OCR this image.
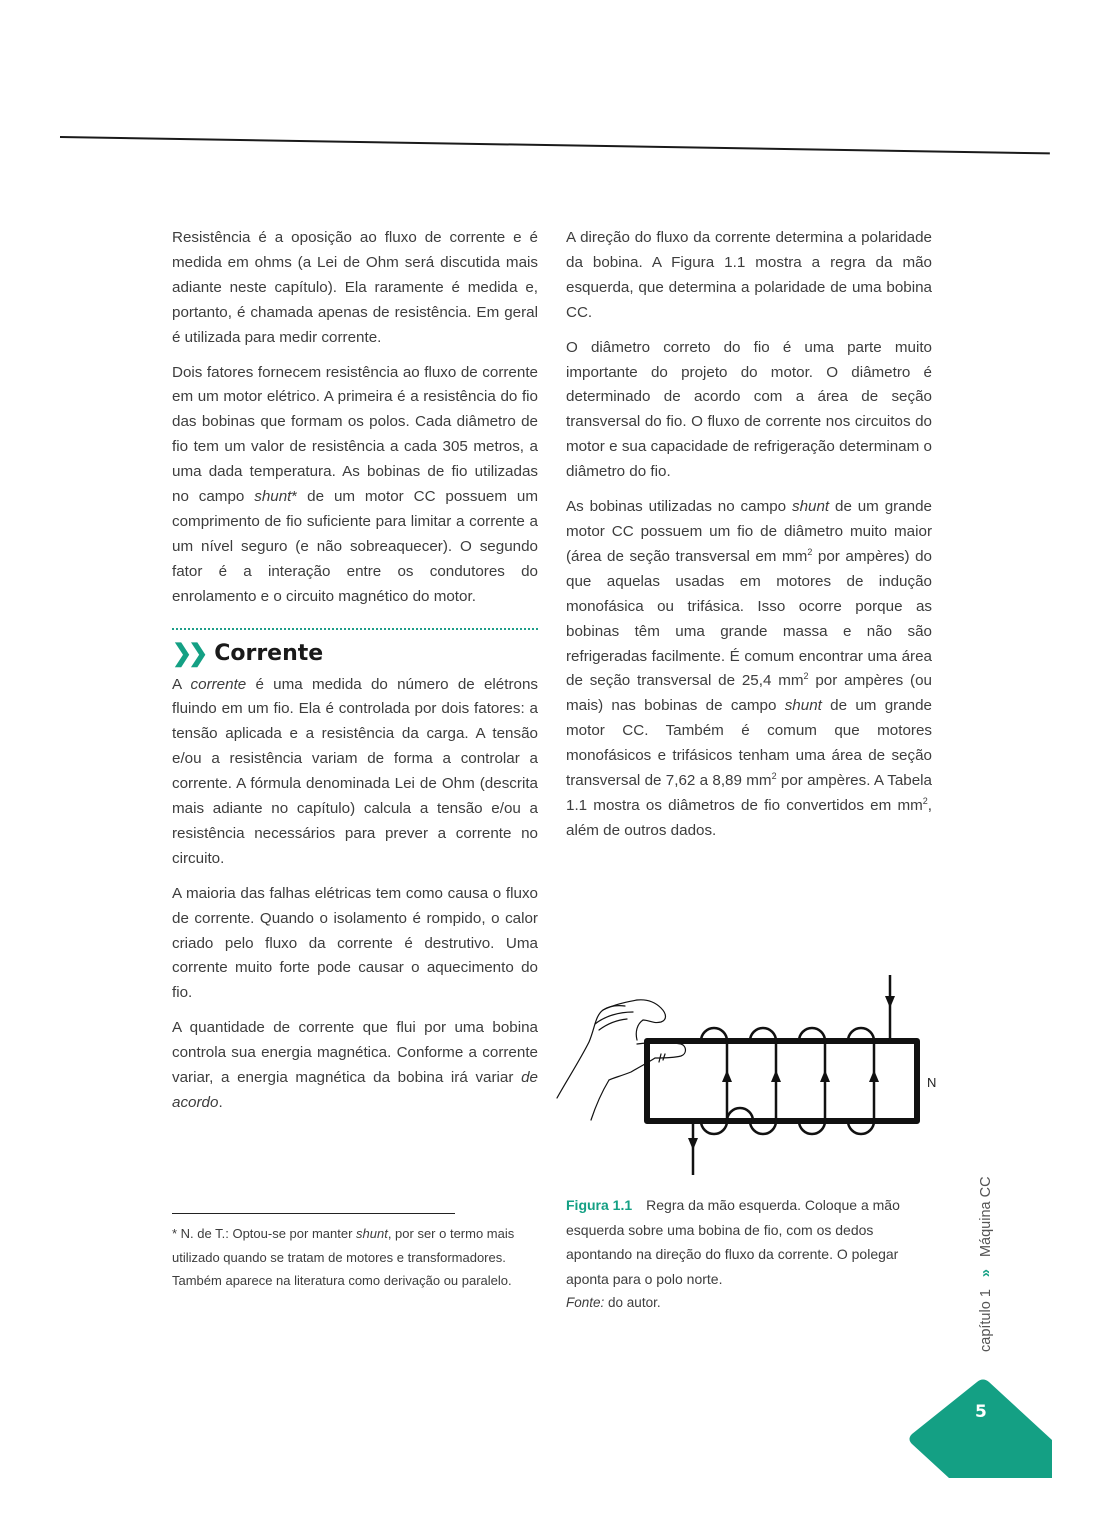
Resistência é a oposição ao fluxo de corrente e é medida em ohms (a Lei de Ohm será discutida mais adiante neste capítulo). Ela raramente é medida e, portanto, é chamada apenas de resistência. Em geral é utilizada para medir corrente.

Dois fatores fornecem resistência ao fluxo de corrente em um motor elétrico. A primeira é a resistência do fio das bobinas que formam os polos. Cada diâmetro de fio tem um valor de resistência a cada 305 metros, a uma dada temperatura. As bobinas de fio utilizadas no campo shunt* de um motor CC possuem um comprimento de fio suficiente para limitar a corrente a um nível seguro (e não sobreaquecer). O segundo fator é a interação entre os condutores do enrolamento e o circuito magnético do motor.

❯❯ Corrente

A corrente é uma medida do número de elétrons fluindo em um fio. Ela é controlada por dois fatores: a tensão aplicada e a resistência da carga. A tensão e/ou a resistência variam de forma a controlar a corrente. A fórmula denominada Lei de Ohm (descrita mais adiante no capítulo) calcula a tensão e/ou a resistência necessários para prever a corrente no circuito.

A maioria das falhas elétricas tem como causa o fluxo de corrente. Quando o isolamento é rompido, o calor criado pelo fluxo da corrente é destrutivo. Uma corrente muito forte pode causar o aquecimento do fio.

A quantidade de corrente que flui por uma bobina controla sua energia magnética. Conforme a corrente variar, a energia magnética da bobina irá variar de acordo.

* N. de T.: Optou-se por manter shunt, por ser o termo mais utilizado quando se tratam de motores e transformadores. Também aparece na literatura como derivação ou paralelo.

A direção do fluxo da corrente determina a polaridade da bobina. A Figura 1.1 mostra a regra da mão esquerda, que determina a polaridade de uma bobina CC.

O diâmetro correto do fio é uma parte muito importante do projeto do motor. O diâmetro é determinado de acordo com a área de seção transversal do fio. O fluxo de corrente nos circuitos do motor e sua capacidade de refrigeração determinam o diâmetro do fio.

As bobinas utilizadas no campo shunt de um grande motor CC possuem um fio de diâmetro muito maior (área de seção transversal em $mm^2$ por ampères) do que aquelas usadas em motores de indução monofásica ou trifásica. Isso ocorre porque as bobinas têm uma grande massa e não são refrigeradas facilmente. É comum encontrar uma área de seção transversal de 25,4 $mm^2$ por ampères (ou mais) nas bobinas de campo shunt de um grande motor CC. Também é comum que motores monofásicos e trifásicos tenham uma área de seção transversal de 7,62 a 8,89 $mm^2$ por ampères. A Tabela 1.1 mostra os diâmetros de fio convertidos em $mm^2$, além de outros dados.

N
Figura 1.1 Regra da mão esquerda. Coloque a mão esquerda sobre uma bobina de fio, com os dedos apontando na direção do fluxo da corrente. O polegar aponta para o polo norte.
Fonte: do autor.	capítulo 1
»
Máquina CC
5
